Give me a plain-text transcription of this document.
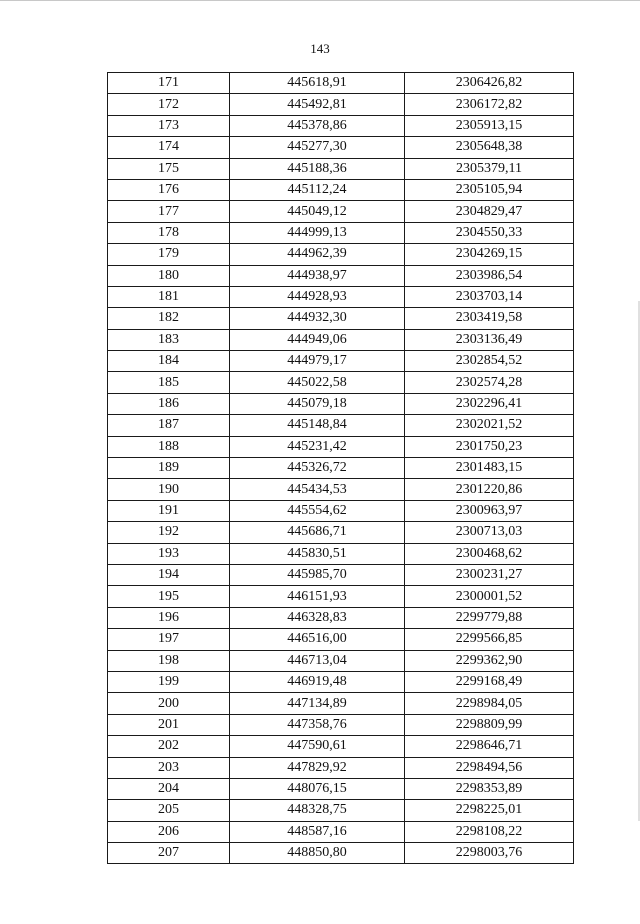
143
171	445618,91	2306426,82
172	445492,81	2306172,82
173	445378,86	2305913,15
174	445277,30	2305648,38
175	445188,36	2305379,11
176	445112,24	2305105,94
177	445049,12	2304829,47
178	444999,13	2304550,33
179	444962,39	2304269,15
180	444938,97	2303986,54
181	444928,93	2303703,14
182	444932,30	2303419,58
183	444949,06	2303136,49
184	444979,17	2302854,52
185	445022,58	2302574,28
186	445079,18	2302296,41
187	445148,84	2302021,52
188	445231,42	2301750,23
189	445326,72	2301483,15
190	445434,53	2301220,86
191	445554,62	2300963,97
192	445686,71	2300713,03
193	445830,51	2300468,62
194	445985,70	2300231,27
195	446151,93	2300001,52
196	446328,83	2299779,88
197	446516,00	2299566,85
198	446713,04	2299362,90
199	446919,48	2299168,49
200	447134,89	2298984,05
201	447358,76	2298809,99
202	447590,61	2298646,71
203	447829,92	2298494,56
204	448076,15	2298353,89
205	448328,75	2298225,01
206	448587,16	2298108,22
207	448850,80	2298003,76
